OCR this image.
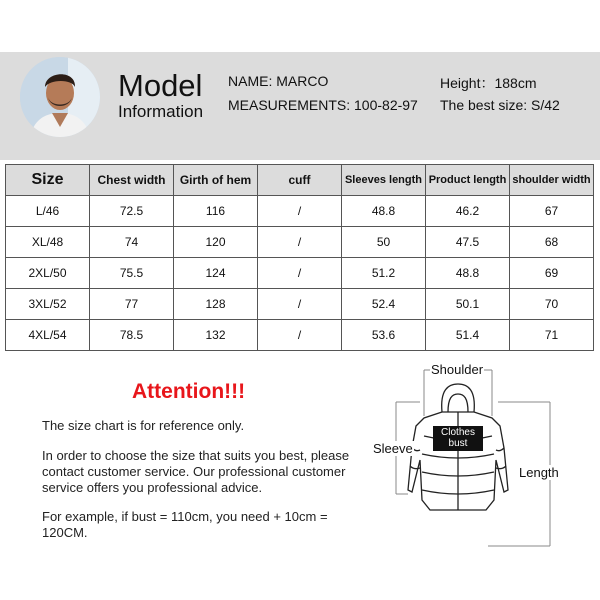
Model
Information
NAME: MARCO	Height：188cm
MEASUREMENTS: 100-82-97 The best size: S/42
Size	Chest width	Girth of hem	cuff	Sleeves length	Product length	shoulder width
L/46	72.5	116	/	48.8	46.2	67
XL/48	74	120	/	50	47.5	68
2XL/50	75.5	124	/	51.2	48.8	69
3XL/52	77	128	/	52.4	50.1	70
4XL/54	78.5	132	/	53.6	51.4	71
Attention!!!
The size chart is for reference only.
In order to choose the size that suits you best, please contact customer service. Our professional customer service offers you professional advice.
For example, if bust = 110cm, you need + 10cm = 120CM.
Shoulder
Sleeve
Length
Clothes bust
